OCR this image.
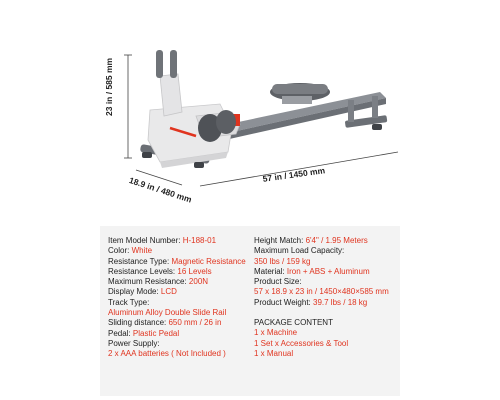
23 in / 585 mm
18.9 in / 480 mm
57 in / 1450 mm
Item Model Number: H-188-01
Color: White
Resistance Type: Magnetic Resistance
Resistance Levels: 16 Levels
Maximum Resistance: 200N
Display Mode: LCD
Track Type:
Aluminum Alloy Double Slide Rail
Sliding distance: 650 mm / 26 in
Pedal: Plastic Pedal
Power Supply:
2 x AAA batteries ( Not Included )
Height Match: 6'4" / 1.95 Meters
Maximum Load Capacity:
350 lbs / 159 kg
Material: Iron + ABS + Aluminum
Product Size:
57 x 18.9 x 23 in / 1450×480×585 mm
Product Weight: 39.7 lbs / 18 kg
PACKAGE CONTENT
1 x Machine
1 Set x Accessories & Tool
1 x Manual
